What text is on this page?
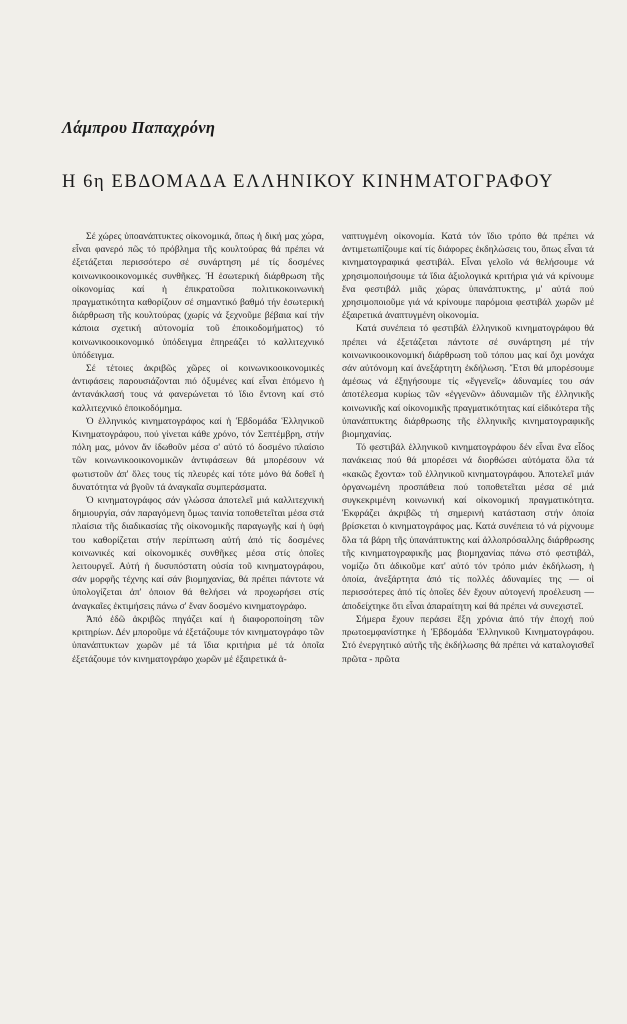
Λάμπρου Παπαχρόνη
Η 6η ΕΒΔΟΜΑΔΑ ΕΛΛΗΝΙΚΟΥ ΚΙΝΗΜΑΤΟΓΡΑΦΟΥ

Σέ χώρες ὑποανάπτυκτες οἰκονομικά, ὅπως ἡ δική μας χώρα, εἶναι φανερό πῶς τό πρόβλημα τῆς κουλτούρας θά πρέπει νά ἐξετάζεται περισσότερο σέ συνάρτηση μέ τίς δοσμένες κοινωνικοοικονομικές συνθῆκες. Ἡ ἐσωτερική διάρθρωση τῆς οἰκονομίας καί ἡ ἐπικρατοῦσα πολιτικοκοινωνική πραγματικότητα καθορίζουν σέ σημαντικό βαθμό τήν ἐσωτερική διάρθρωση τῆς κουλτούρας (χωρίς νά ξεχνοῦμε βέβαια καί τήν κάποια σχετική αὐτονομία τοῦ ἐποικοδομήματος) τό κοινωνικοοικονομικό ὑπόδειγμα ἐπηρεάζει τό καλλιτεχνικό ὑπόδειγμα.

Σέ τέτοιες ἀκριβῶς χῶρες οἱ κοινωνικοοικονομικές ἀντιφάσεις παρουσιάζονται πιό ὀξυμένες καί εἶναι ἑπόμενο ἡ ἀντανάκλασή τους νά φανερώνεται τό ἴδιο ἔντονη καί στό καλλιτεχνικό ἐποικοδόμημα.

Ὁ ἑλληνικός κινηματογράφος καί ἡ Ἑβδομάδα Ἑλληνικοῦ Κινηματογράφου, πού γίνεται κάθε χρόνο, τόν Σεπτέμβρη, στήν πόλη μας, μόνον ἄν ἰδωθοῦν μέσα σ' αὐτό τό δοσμένο πλαίσιο τῶν κοινωνικοοικονομικῶν ἀντιφάσεων θά μπορέσουν νά φωτιστοῦν ἀπ' ὅλες τους τίς πλευρές καί τότε μόνο θά δοθεῖ ἡ δυνατότητα νά βγοῦν τά ἀναγκαῖα συμπεράσματα.

Ὁ κινηματογράφος σάν γλώσσα ἀποτελεῖ μιά καλλιτεχνική δημιουργία, σάν παραγόμενη ὅμως ταινία τοποθετεῖται μέσα στά πλαίσια τῆς διαδικασίας τῆς οἰκονομικῆς παραγωγῆς καί ἡ ὑφή του καθορίζεται στήν περίπτωση αὐτή ἀπό τίς δοσμένες κοινωνικές καί οἰκονομικές συνθῆκες μέσα στίς ὁποῖες λειτουργεῖ. Αὐτή ἡ δυσυπόστατη οὐσία τοῦ κινηματογράφου, σάν μορφῆς τέχνης καί σάν βιομηχανίας, θά πρέπει πάντοτε νά ὑπολογίζεται ἀπ' ὁποιον θά θελήσει νά προχωρήσει στίς ἀναγκαῖες ἐκτιμήσεις πάνω σ' ἕναν δοσμένο κινηματογράφο.

Ἀπό ἐδῶ ἀκριβῶς πηγάζει καί ἡ διαφοροποίηση τῶν κριτηρίων. Δέν μποροῦμε νά ἐξετάζουμε τόν κινηματογράφο τῶν ὑπανάπτυκτων χωρῶν μέ τά ἴδια κριτήρια μέ τά ὁποῖα ἐξετάζουμε τόν κινηματογράφο χωρῶν μέ ἐξαιρετικά ἀ-

ναπτυγμένη οἰκονομία. Κατά τόν ἴδιο τρόπο θά πρέπει νά ἀντιμετωπίζουμε καί τίς διάφορες ἐκδηλώσεις του, ὅπως εἶναι τά κινηματογραφικά φεστιβάλ. Εἶναι γελοῖο νά θελήσουμε νά χρησιμοποιήσουμε τά ἴδια ἀξιολογικά κριτήρια γιά νά κρίνουμε ἕνα φεστιβάλ μιᾶς χώρας ὑπανάπτυκτης, μ' αὐτά πού χρησιμοποιοῦμε γιά νά κρίνουμε παρόμοια φεστιβάλ χωρῶν μέ ἐξαιρετικά ἀναπτυγμένη οἰκονομία.

Κατά συνέπεια τό φεστιβάλ ἑλληνικοῦ κινηματογράφου θά πρέπει νά ἐξετάζεται πάντοτε σέ συνάρτηση μέ τήν κοινωνικοοικονομική διάρθρωση τοῦ τόπου μας καί ὄχι μονάχα σάν αὐτόνομη καί ἀνεξάρτητη ἐκδήλωση. Ἔτσι θά μπορέσουμε ἀμέσως νά ἐξηγήσουμε τίς «ἔγγενεῖς» ἀδυναμίες του σάν ἀποτέλεσμα κυρίως τῶν «ἐγγενῶν» ἀδυναμιῶν τῆς ἑλληνικῆς κοινωνικῆς καί οἰκονομικῆς πραγματικότητας καί εἰδικότερα τῆς ὑπανάπτυκτης διάρθρωσης τῆς ἑλληνικῆς κινηματογραφικῆς βιομηχανίας.

Τό φεστιβάλ ἑλληνικοῦ κινηματογράφου δέν εἶναι ἕνα εἶδος πανάκειας πού θά μπορέσει νά διορθώσει αὐτόματα ὅλα τά «κακῶς ἔχοντα» τοῦ ἑλληνικοῦ κινηματογράφου. Ἀποτελεῖ μιάν ὀργανωμένη προσπάθεια πού τοποθετεῖται μέσα σέ μιά συγκεκριμένη κοινωνική καί οἰκονομική πραγματικότητα. Ἐκφράζει ἀκριβῶς τή σημερινή κατάσταση στήν ὁποία βρίσκεται ὁ κινηματογράφος μας. Κατά συνέπεια τό νά ρίχνουμε ὅλα τά βάρη τῆς ὑπανάπτυκτης καί ἀλλοπρόσαλλης διάρθρωσης τῆς κινηματογραφικῆς μας βιομηχανίας πάνω στό φεστιβάλ, νομίζω ὅτι ἀδικοῦμε κατ' αὐτό τόν τρόπο μιάν ἐκδήλωση, ἡ ὁποία, ἀνεξάρτητα ἀπό τίς πολλές ἀδυναμίες της — οἱ περισσότερες ἀπό τίς ὁποῖες δέν ἔχουν αὐτογενή προέλευση — ἀποδείχτηκε ὅτι εἶναι ἀπαραίτητη καί θά πρέπει νά συνεχιστεῖ.

Σήμερα ἔχουν περάσει ἕξη χρόνια ἀπό τήν ἐποχή πού πρωτοεμφανίστηκε ἡ Ἑβδομάδα Ἑλληνικοῦ Κινηματογράφου. Στό ἐνεργητικό αὐτῆς τῆς ἐκδήλωσης θά πρέπει νά καταλογισθεῖ πρῶτα - πρῶτα
